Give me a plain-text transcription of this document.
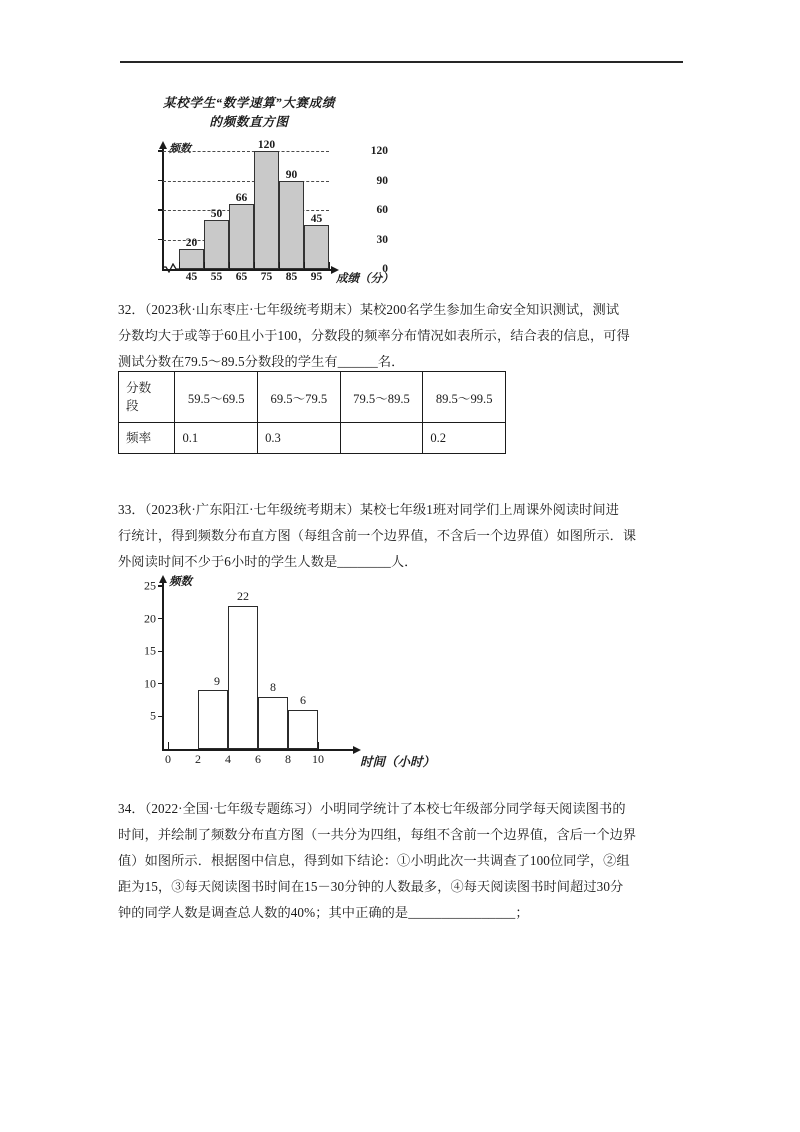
某校学生“数学速算”大赛成绩
的频数直方图
频数
成绩（分）
120
90
60
30
0
20
50
66
120
90
45
45 55 65 75 85 95
32．（2023秋·山东枣庄·七年级统考期末）某校200名学生参加生命安全知识测试，测试
分数均大于或等于60且小于100，分数段的频率分布情况如表所示，结合表的信息，可得
测试分数在79.5～89.5分数段的学生有______名．
分数
段	59.5～69.5	69.5～79.5	79.5～89.5	89.5～99.5
频率	0.1	0.3		0.2
33．（2023秋·广东阳江·七年级统考期末）某校七年级1班对同学们上周课外阅读时间进
行统计，得到频数分布直方图（每组含前一个边界值，不含后一个边界值）如图所示．课
外阅读时间不少于6小时的学生人数是________人．
频数
时间（小时）
25
20
15
10
5
0 2 4 6 8 10
9
22
8
6
34．（2022·全国·七年级专题练习）小明同学统计了本校七年级部分同学每天阅读图书的
时间，并绘制了频数分布直方图（一共分为四组，每组不含前一个边界值，含后一个边界
值）如图所示．根据图中信息，得到如下结论：①小明此次一共调查了100位同学，②组
距为15，③每天阅读图书时间在15－30分钟的人数最多，④每天阅读图书时间超过30分
钟的同学人数是调查总人数的40%；其中正确的是________________；
